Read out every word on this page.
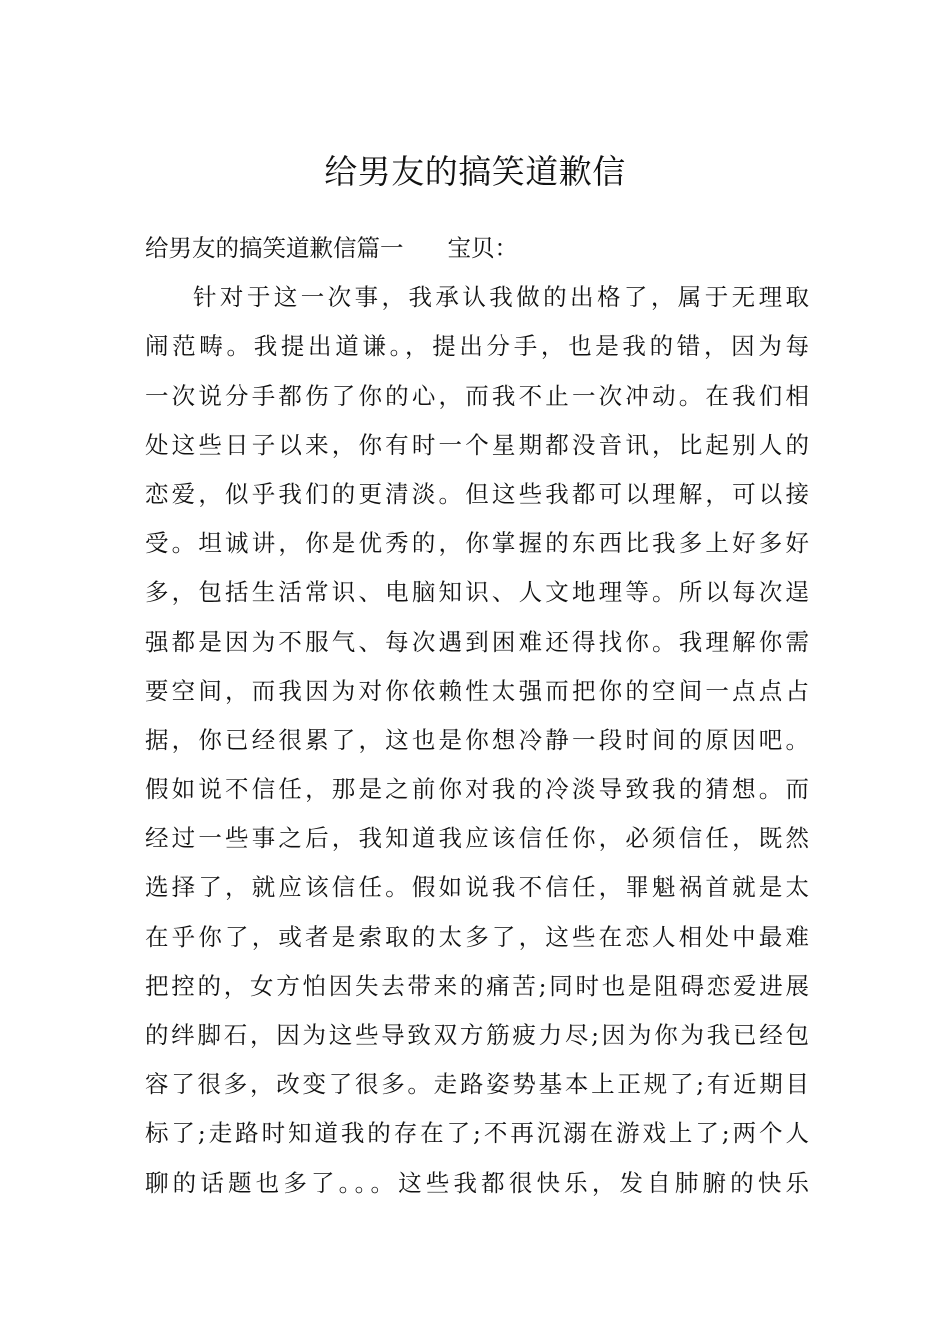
给男友的搞笑道歉信
给男友的搞笑道歉信篇一 宝贝：
针对于这一次事，我承认我做的出格了，属于无理取
闹范畴。我提出道谦。，提出分手，也是我的错，因为每
一次说分手都伤了你的心，而我不止一次冲动。在我们相
处这些日子以来，你有时一个星期都没音讯，比起别人的
恋爱，似乎我们的更清淡。但这些我都可以理解，可以接
受。坦诚讲，你是优秀的，你掌握的东西比我多上好多好
多，包括生活常识、电脑知识、人文地理等。所以每次逞
强都是因为不服气、每次遇到困难还得找你。我理解你需
要空间，而我因为对你依赖性太强而把你的空间一点点占
据，你已经很累了，这也是你想冷静一段时间的原因吧。
假如说不信任，那是之前你对我的冷淡导致我的猜想。而
经过一些事之后，我知道我应该信任你，必须信任，既然
选择了，就应该信任。假如说我不信任，罪魁祸首就是太
在乎你了，或者是索取的太多了，这些在恋人相处中最难
把控的，女方怕因失去带来的痛苦;同时也是阻碍恋爱进展
的绊脚石，因为这些导致双方筋疲力尽;因为你为我已经包
容了很多，改变了很多。走路姿势基本上正规了;有近期目
标了;走路时知道我的存在了;不再沉溺在游戏上了;两个人
聊的话题也多了。。。这些我都很快乐，发自肺腑的快乐
